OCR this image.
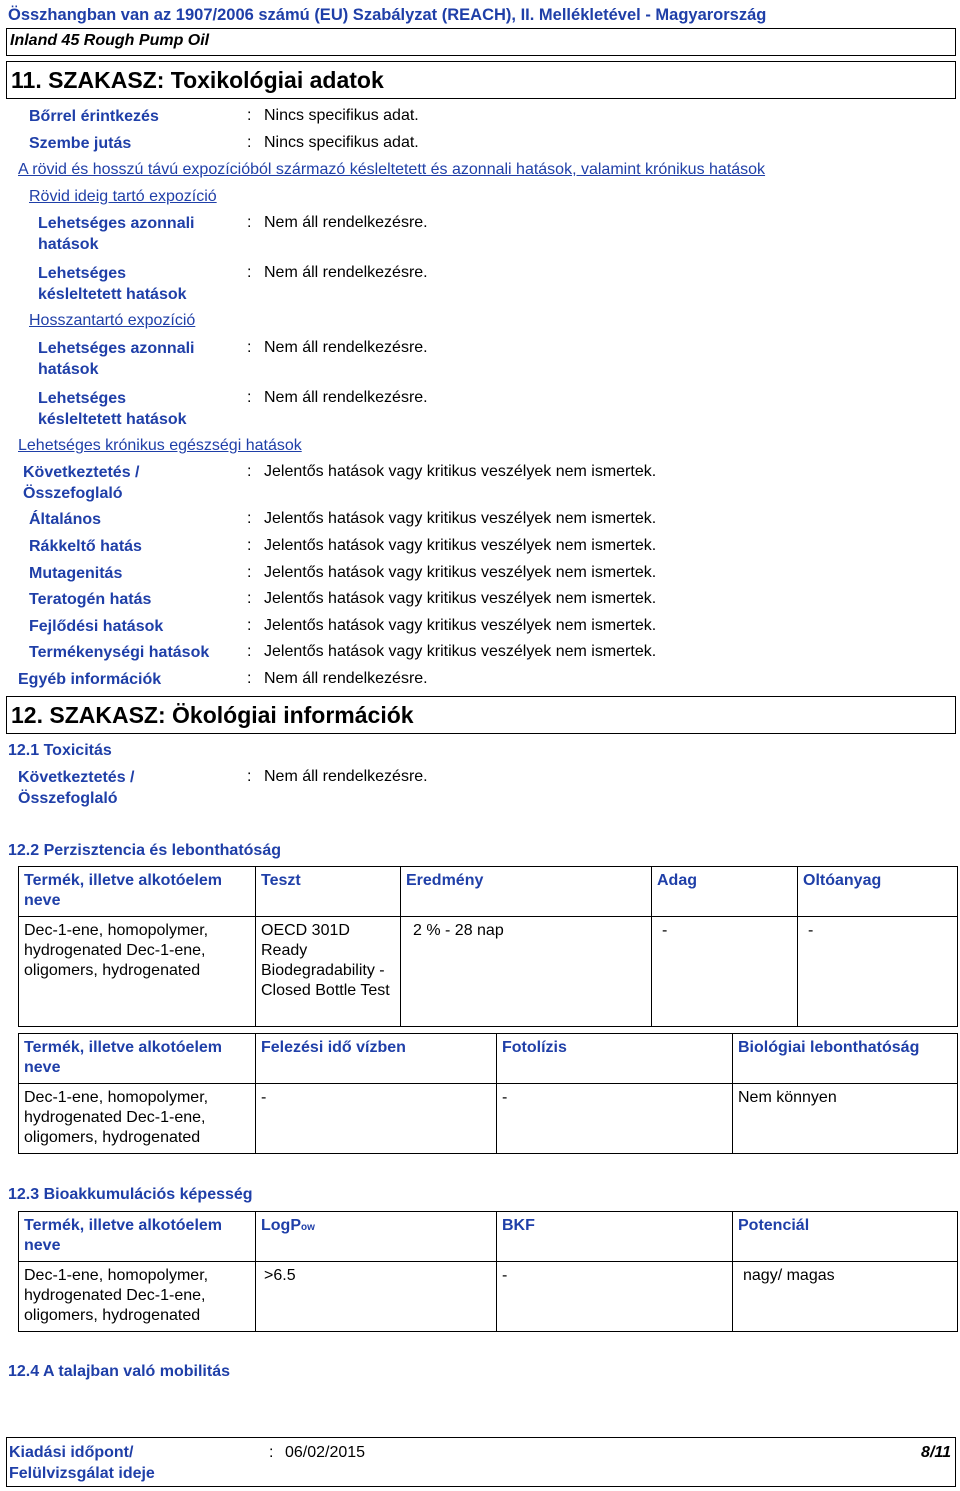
Összhangban van az 1907/2006 számú (EU) Szabályzat (REACH), II. Mellékletével - Magyarország
Inland 45 Rough Pump Oil
11. SZAKASZ: Toxikológiai adatok
Bőrrel érintkezés	: Nincs specifikus adat.
Szembe jutás	: Nincs specifikus adat.
A rövid és hosszú távú expozícióból származó késleltetett és azonnali hatások, valamint krónikus hatások
Rövid ideig tartó expozíció
Lehetséges azonnali
hatások
: Nem áll rendelkezésre.
Lehetséges
késleltetett hatások
: Nem áll rendelkezésre.
Hosszantartó expozíció
Lehetséges azonnali
hatások
: Nem áll rendelkezésre.
Lehetséges
késleltetett hatások
: Nem áll rendelkezésre.
Lehetséges krónikus egészségi hatások
Következtetés /
Összefoglaló
: Jelentős hatások vagy kritikus veszélyek nem ismertek.
Általános	: Jelentős hatások vagy kritikus veszélyek nem ismertek.
Rákkeltő hatás	: Jelentős hatások vagy kritikus veszélyek nem ismertek.
Mutagenitás	: Jelentős hatások vagy kritikus veszélyek nem ismertek.
Teratogén hatás	: Jelentős hatások vagy kritikus veszélyek nem ismertek.
Fejlődési hatások	: Jelentős hatások vagy kritikus veszélyek nem ismertek.
Termékenységi hatások : Jelentős hatások vagy kritikus veszélyek nem ismertek.
Egyéb információk	: Nem áll rendelkezésre.
12. SZAKASZ: Ökológiai információk
12.1 Toxicitás
Következtetés /
Összefoglaló
: Nem áll rendelkezésre.
12.2 Perzisztencia és lebonthatóság
Termék, illetve alkotóelem neve	Teszt	Eredmény	Adag	Oltóanyag
Dec-1-ene, homopolymer, hydrogenated Dec-1-ene, oligomers, hydrogenated	OECD 301D Ready Biodegradability - Closed Bottle Test	2 % - 28 nap	-	-
Termék, illetve alkotóelem neve	Felezési idő vízben	Fotolízis	Biológiai lebonthatóság
Dec-1-ene, homopolymer, hydrogenated Dec-1-ene, oligomers, hydrogenated	-	-	Nem könnyen
12.3 Bioakkumulációs képesség
Termék, illetve alkotóelem neve	LogPow	BKF	Potenciál
Dec-1-ene, homopolymer, hydrogenated Dec-1-ene, oligomers, hydrogenated	>6.5	-	nagy/ magas
12.4 A talajban való mobilitás
Kiadási időpont/
Felülvizsgálat ideje
: 06/02/2015	8/11
